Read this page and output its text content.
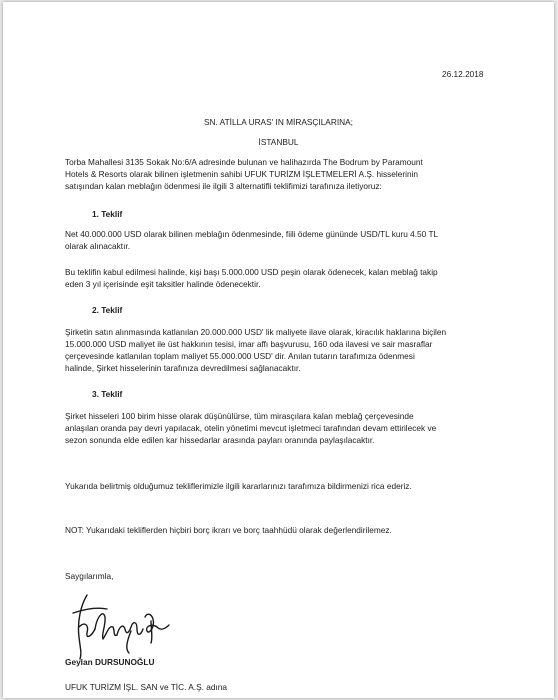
26.12.2018
SN. ATİLLA URAS' IN MİRASÇILARINA;
İSTANBUL
Torba Mahallesi 3135 Sokak No:6/A adresinde bulunan ve halihazırda The Bodrum by Paramount
Hotels & Resorts olarak bilinen işletmenin sahibi UFUK TURİZM İŞLETMELERİ A.Ş. hisselerinin
satışından kalan meblağın ödenmesi ile ilgili 3 alternatifli teklifimizi tarafınıza iletiyoruz:
1. Teklif
Net 40.000.000 USD olarak bilinen meblağın ödenmesinde, fiili ödeme gününde USD/TL kuru 4.50 TL
olarak alınacaktır.
Bu teklifin kabul edilmesi halinde, kişi başı 5.000.000 USD peşin olarak ödenecek, kalan meblağ takip
eden 3 yıl içerisinde eşit taksitler halinde ödenecektir.
2. Teklif
Şirketin satın alınmasında katlanılan 20.000.000 USD' lik maliyete ilave olarak, kiracılık haklarına biçilen
15.000.000 USD maliyet ile üst hakkının tesisi, imar affı başvurusu, 160 oda ilavesi ve sair masraflar
çerçevesinde katlanılan toplam maliyet 55.000.000 USD' dir. Anılan tutarın tarafımıza ödenmesi
halinde, Şirket hisselerinin tarafınıza devredilmesi sağlanacaktır.
3. Teklif
Şirket hisseleri 100 birim hisse olarak düşünülürse, tüm mirasçılara kalan meblağ çerçevesinde
anlaşılan oranda pay devri yapılacak, otelin yönetimi mevcut işletmeci tarafından devam ettirilecek ve
sezon sonunda elde edilen kar hissedarlar arasında payları oranında paylaşılacaktır.
Yukarıda belirtmiş olduğumuz tekliflerimizle ilgili kararlarınızı tarafımıza bildirmenizi rica ederiz.
NOT: Yukarıdaki tekliflerden hiçbiri borç ikrarı ve borç taahhüdü olarak değerlendirilemez.
Saygılarımla,
Geylan DURSUNOĞLU
UFUK TURİZM İŞL. SAN ve TİC. A.Ş. adına
